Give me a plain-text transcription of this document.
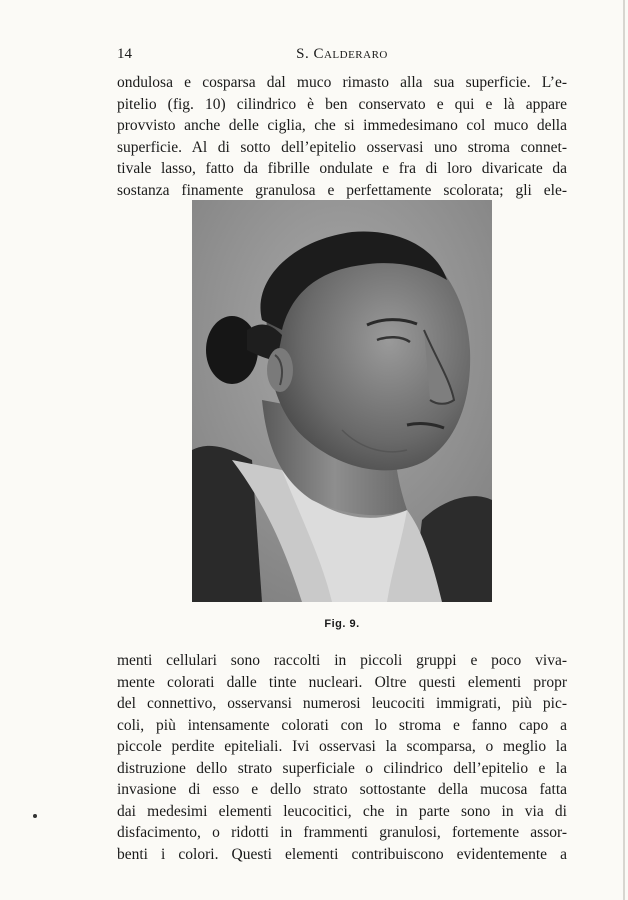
14	S. Calderaro
ondulosa e cosparsa dal muco rimasto alla sua superficie. L’e-
pitelio (fig. 10) cilindrico è ben conservato e qui e là appare
provvisto anche delle ciglia, che si immedesimano col muco della
superficie. Al di sotto dell’epitelio osservasi uno stroma connet-
tivale lasso, fatto da fibrille ondulate e fra di loro divaricate da
sostanza finamente granulosa e perfettamente scolorata; gli ele-
Fig. 9.
menti cellulari sono raccolti in piccoli gruppi e poco viva-
mente colorati dalle tinte nucleari. Oltre questi elementi propr
del connettivo, osservansi numerosi leucociti immigrati, più pic-
coli, più intensamente colorati con lo stroma e fanno capo a
piccole perdite epiteliali. Ivi osservasi la scomparsa, o meglio la
distruzione dello strato superficiale o cilindrico dell’epitelio e la
invasione di esso e dello strato sottostante della mucosa fatta
dai medesimi elementi leucocitici, che in parte sono in via di
disfacimento, o ridotti in frammenti granulosi, fortemente assor-
benti i colori. Questi elementi contribuiscono evidentemente a
